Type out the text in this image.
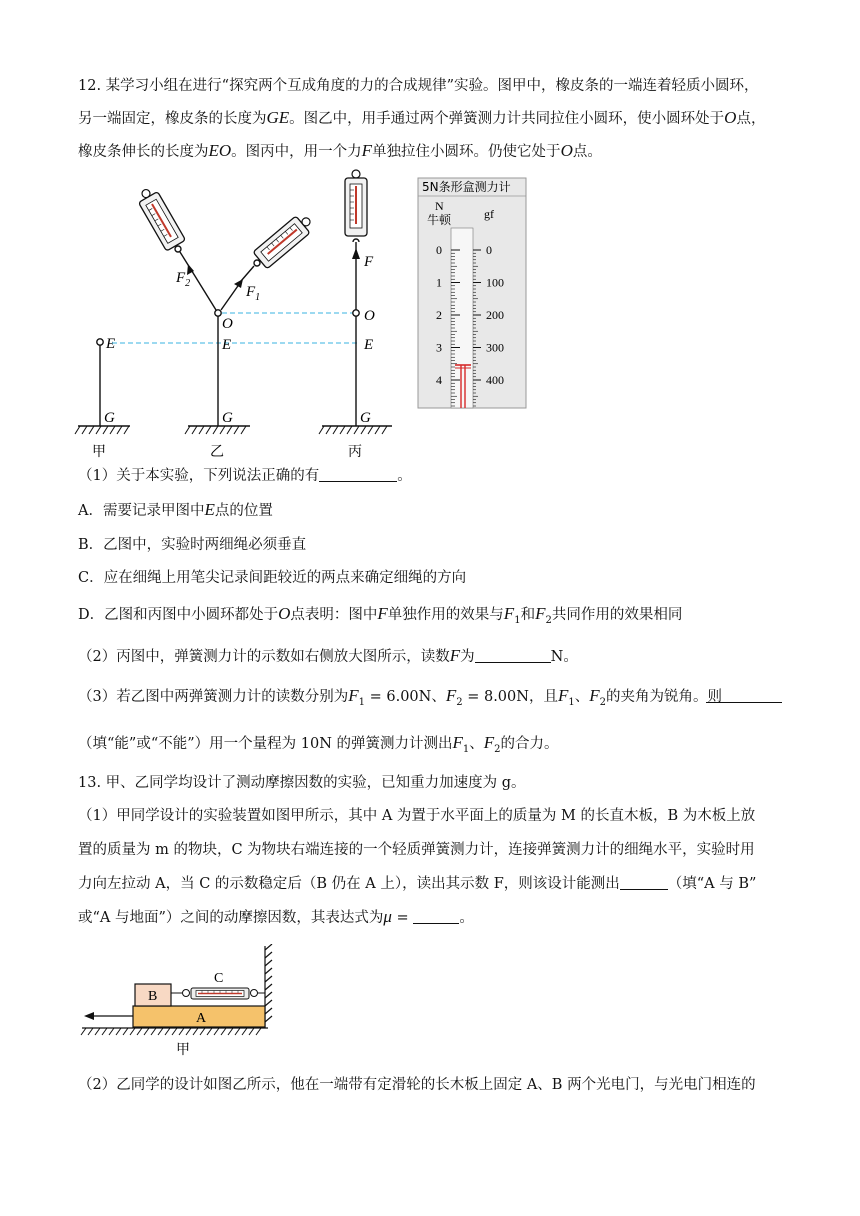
12. 某学习小组在进行“探究两个互成角度的力的合成规律”实验。图甲中，橡皮条的一端连着轻质小圆环，
另一端固定，橡皮条的长度为GE。图乙中，用手通过两个弹簧测力计共同拉住小圆环，使小圆环处于O点，
橡皮条伸长的长度为EO。图丙中，用一个力F单独拉住小圆环。仍使它处于O点。
E
G
甲
$F_2$
$F_1$
O
E
G
乙
F
O
E
G
丙
5N条形盒测力计
N
牛顿	gf
0
1
2
3
4
0
100
200
300
400
（1）关于本实验，下列说法正确的有	。
A．需要记录甲图中E点的位置
B．乙图中，实验时两细绳必须垂直
C．应在细绳上用笔尖记录间距较近的两点来确定细绳的方向
D．乙图和丙图中小圆环都处于O点表明：图中F单独作用的效果与$F_1$和$F_2$共同作用的效果相同
（2）丙图中，弹簧测力计的示数如右侧放大图所示，读数F为	N。
（3）若乙图中两弹簧测力计的读数分别为$F_1 = 6.00N$、$F_2 = 8.00N$，且$F_1$、$F_2$的夹角为锐角。则
（填“能”或“不能”）用一个量程为 10N 的弹簧测力计测出$F_1$、$F_2$的合力。
13. 甲、乙同学均设计了测动摩擦因数的实验，已知重力加速度为 g。
（1）甲同学设计的实验装置如图甲所示，其中 A 为置于水平面上的质量为 M 的长直木板，B 为木板上放
置的质量为 m 的物块，C 为物块右端连接的一个轻质弹簧测力计，连接弹簧测力计的细绳水平，实验时用
力向左拉动 A，当 C 的示数稳定后（B 仍在 A 上），读出其示数 F，则该设计能测出	（填“A 与 B”
或“A 与地面”）之间的动摩擦因数，其表达式为μ =	。
A
B
C
甲
（2）乙同学的设计如图乙所示，他在一端带有定滑轮的长木板上固定 A、B 两个光电门，与光电门相连的
